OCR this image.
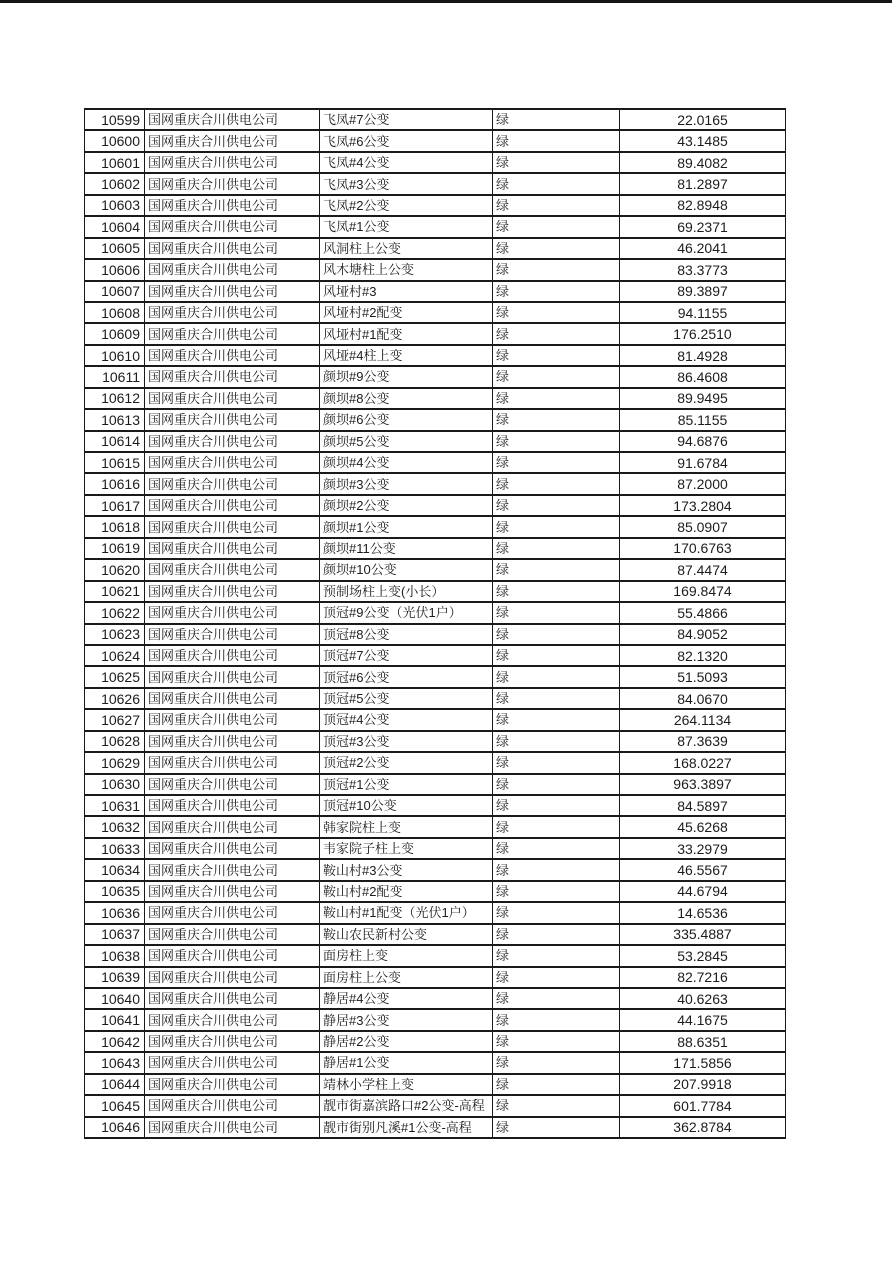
10599 国网重庆合川供电公司	飞凤#7公变	绿	22.0165
10600 国网重庆合川供电公司	飞凤#6公变	绿	43.1485
10601 国网重庆合川供电公司	飞凤#4公变	绿	89.4082
10602 国网重庆合川供电公司	飞凤#3公变	绿	81.2897
10603 国网重庆合川供电公司	飞凤#2公变	绿	82.8948
10604 国网重庆合川供电公司	飞凤#1公变	绿	69.2371
10605 国网重庆合川供电公司	风洞柱上公变	绿	46.2041
10606 国网重庆合川供电公司	风木塘柱上公变	绿	83.3773
10607 国网重庆合川供电公司	风垭村#3	绿	89.3897
10608 国网重庆合川供电公司	风垭村#2配变	绿	94.1155
10609 国网重庆合川供电公司	风垭村#1配变	绿	176.2510
10610 国网重庆合川供电公司	风垭#4柱上变	绿	81.4928
10611 国网重庆合川供电公司	颜坝#9公变	绿	86.4608
10612 国网重庆合川供电公司	颜坝#8公变	绿	89.9495
10613 国网重庆合川供电公司	颜坝#6公变	绿	85.1155
10614 国网重庆合川供电公司	颜坝#5公变	绿	94.6876
10615 国网重庆合川供电公司	颜坝#4公变	绿	91.6784
10616 国网重庆合川供电公司	颜坝#3公变	绿	87.2000
10617 国网重庆合川供电公司	颜坝#2公变	绿	173.2804
10618 国网重庆合川供电公司	颜坝#1公变	绿	85.0907
10619 国网重庆合川供电公司	颜坝#11公变	绿	170.6763
10620 国网重庆合川供电公司	颜坝#10公变	绿	87.4474
10621 国网重庆合川供电公司	预制场柱上变(小长）	绿	169.8474
10622 国网重庆合川供电公司	顶冠#9公变（光伏1户）	绿	55.4866
10623 国网重庆合川供电公司	顶冠#8公变	绿	84.9052
10624 国网重庆合川供电公司	顶冠#7公变	绿	82.1320
10625 国网重庆合川供电公司	顶冠#6公变	绿	51.5093
10626 国网重庆合川供电公司	顶冠#5公变	绿	84.0670
10627 国网重庆合川供电公司	顶冠#4公变	绿	264.1134
10628 国网重庆合川供电公司	顶冠#3公变	绿	87.3639
10629 国网重庆合川供电公司	顶冠#2公变	绿	168.0227
10630 国网重庆合川供电公司	顶冠#1公变	绿	963.3897
10631 国网重庆合川供电公司	顶冠#10公变	绿	84.5897
10632 国网重庆合川供电公司	韩家院柱上变	绿	45.6268
10633 国网重庆合川供电公司	韦家院子柱上变	绿	33.2979
10634 国网重庆合川供电公司	鞍山村#3公变	绿	46.5567
10635 国网重庆合川供电公司	鞍山村#2配变	绿	44.6794
10636 国网重庆合川供电公司	鞍山村#1配变（光伏1户）	绿	14.6536
10637 国网重庆合川供电公司	鞍山农民新村公变	绿	335.4887
10638 国网重庆合川供电公司	面房柱上变	绿	53.2845
10639 国网重庆合川供电公司	面房柱上公变	绿	82.7216
10640 国网重庆合川供电公司	静居#4公变	绿	40.6263
10641 国网重庆合川供电公司	静居#3公变	绿	44.1675
10642 国网重庆合川供电公司	静居#2公变	绿	88.6351
10643 国网重庆合川供电公司	静居#1公变	绿	171.5856
10644 国网重庆合川供电公司	靖林小学柱上变	绿	207.9918
10645 国网重庆合川供电公司	靓市街嘉滨路口#2公变-高程 绿	601.7784
10646 国网重庆合川供电公司	靓市街别凡溪#1公变-高程	绿	362.8784
